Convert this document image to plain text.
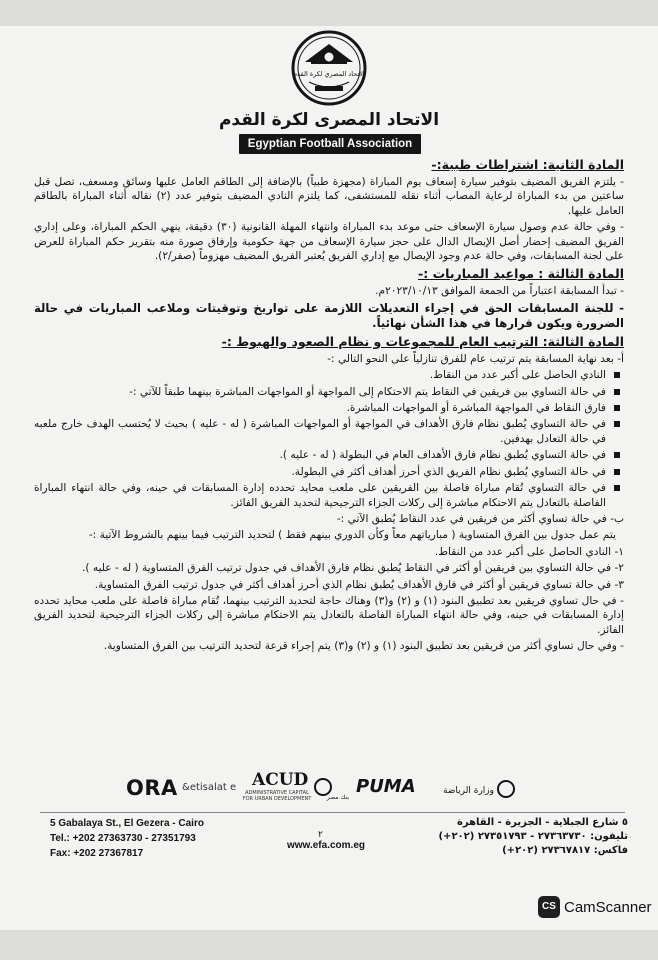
الاتحاد المصري لكرة القدم
الاتحاد المصرى لكرة القدم
Egyptian Football Association
المادة الثانية: اشتراطات طبية:-

- يلتزم الفريق المضيف بتوفير سيارة إسعاف يوم المباراة (مجهزة طبياً) بالإضافة إلى الطاقم العامل عليها وسائق ومسعف، تصل قبل ساعتين من بدء المباراة لرعاية المصاب أثناء نقله للمستشفى، كما يلتزم النادي المضيف بتوفير عدد (٢) نقاله أثناء المباراة بالطاقم العامل عليها.

- وفي حالة عدم وصول سيارة الإسعاف حتى موعد بدء المباراة وانتهاء المهلة القانونية (٣٠) دقيقة، ينهي الحكم المباراة، وعلى إداري الفريق المضيف إحضار أصل الإيصال الدال على حجز سيارة الإسعاف من جهة حكومية وإرفاق صورة منه بتقرير حكم المباراة للعرض على لجنة المسابقات، وفي حالة عدم وجود الإيصال مع إداري الفريق يُعتبر الفريق المضيف مهزوماً (صفر/٢).

المادة الثالثة : مواعيد المباريات :-

- تبدأ المسابقة اعتباراً من الجمعة الموافق ٢٠٢٣/١٠/١٣م.

- للجنة المسابقات الحق في إجراء التعديلات اللازمة على تواريخ وتوقيتات وملاعب المباريات في حالة الضرورة ويكون قرارها في هذا الشأن نهائياً.

المادة الثالثة: الترتيب العام للمجموعات و نظام الصعود والهبوط :-

أ- بعد نهاية المسابقة يتم ترتيب عام للفرق تنازلياً على النحو التالي :-

النادي الحاصل على أكبر عدد من النقاط.

في حالة التساوي بين فريقين في النقاط يتم الاحتكام إلى المواجهة أو المواجهات المباشرة بينهما طبقاً للآتي :-

فارق النقاط في المواجهة المباشرة أو المواجهات المباشرة.

في حالة التساوي يُطبق نظام فارق الأهداف في المواجهة أو المواجهات المباشرة ( له - عليه ) بحيث لا يُحتسب الهدف خارج ملعبه في حالة التعادل بهدفين.

في حالة التساوي يُطبق نظام فارق الأهداف العام في البطولة ( له - عليه ).

في حالة التساوي يُطبق نظام الفريق الذي أحرز أهداف أكثر في البطولة.

في حالة التساوي تُقام مباراة فاصلة بين الفريقين على ملعب محايد تحدده إدارة المسابقات في حينه، وفي حالة انتهاء المباراة الفاصلة بالتعادل يتم الاحتكام مباشرة إلى ركلات الجزاء الترجيحية لتحديد الفريق الفائز.

ب- في حالة تساوي أكثر من فريقين في عدد النقاط يُطبق الآتي :-

يتم عمل جدول بين الفرق المتساوية ( مبارياتهم معاً وكأن الدوري بينهم فقط ) لتحديد الترتيب فيما بينهم بالشروط الآتية :-

١- النادي الحاصل على أكبر عدد من النقاط.

٢- في حالة التساوي بين فريقين أو أكثر في النقاط يُطبق نظام فارق الأهداف في جدول ترتيب الفرق المتساوية ( له - عليه ).

٣- في حالة تساوي فريقين أو أكثر في فارق الأهداف يُطبق نظام الذي أحرز أهداف أكثر في جدول ترتيب الفرق المتساوية.

- في حال تساوي فريقين بعد تطبيق البنود (١) و (٢) و(٣) وهناك حاجة لتحديد الترتيب بينهما، تُقام مباراة فاصلة على ملعب محايد تحدده إدارة المسابقات في حينه، وفي حالة انتهاء المباراة الفاصلة بالتعادل يتم الاحتكام مباشرة إلى ركلات الجزاء الترجيحية لتحديد الفريق الفائز.

- وفي حال تساوي أكثر من فريقين بعد تطبيق البنود (١) و (٢) و(٣) يتم إجراء قرعة لتحديد الترتيب بين الفرق المتساوية.

ORA etisalat e& ACUD
ADMINISTRATIVE CAPITAL FOR URBAN DEVELOPMENT	بنك مصر
PUMA	وزارة الرياضة
5 Gabalaya St., El Gezera - Cairo
Tel.: +202 27363730 - 27351793
Fax: +202 27367817
٢
www.efa.com.eg
٥ شارع الجبلاية - الجزيرة - القاهرة
تليفون: ٢٧٣٦٣٧٣٠ - ٢٧٣٥١٧٩٣ (٢٠٢+)
فاكس: ٢٧٣٦٧٨١٧ (٢٠٢+)
CS CamScanner
